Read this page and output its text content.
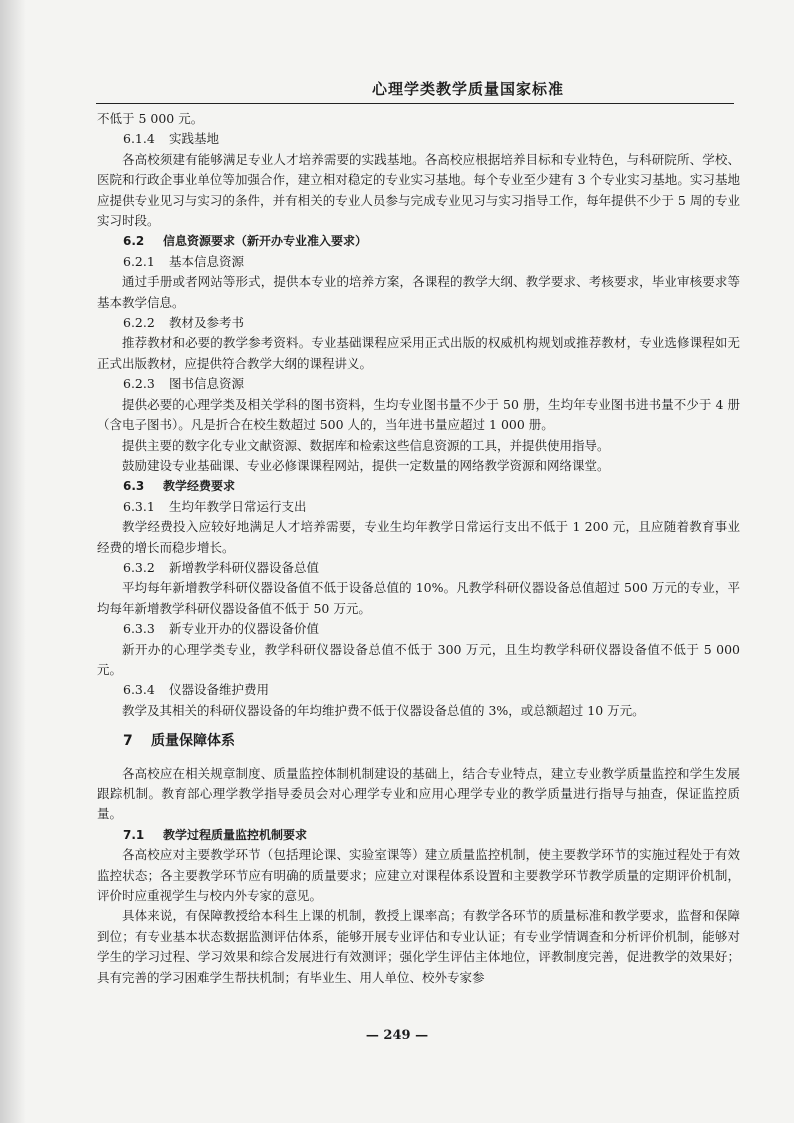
心理学类教学质量国家标准

不低于 5 000 元。

6.1.4 实践基地

各高校须建有能够满足专业人才培养需要的实践基地。各高校应根据培养目标和专业特色，与科研院所、学校、医院和行政企事业单位等加强合作，建立相对稳定的专业实习基地。每个专业至少建有 3 个专业实习基地。实习基地应提供专业见习与实习的条件，并有相关的专业人员参与完成专业见习与实习指导工作，每年提供不少于 5 周的专业实习时段。

6.2 信息资源要求（新开办专业准入要求）

6.2.1 基本信息资源

通过手册或者网站等形式，提供本专业的培养方案，各课程的教学大纲、教学要求、考核要求，毕业审核要求等基本教学信息。

6.2.2 教材及参考书

推荐教材和必要的教学参考资料。专业基础课程应采用正式出版的权威机构规划或推荐教材，专业选修课程如无正式出版教材，应提供符合教学大纲的课程讲义。

6.2.3 图书信息资源

提供必要的心理学类及相关学科的图书资料，生均专业图书量不少于 50 册，生均年专业图书进书量不少于 4 册（含电子图书）。凡是折合在校生数超过 500 人的，当年进书量应超过 1 000 册。

提供主要的数字化专业文献资源、数据库和检索这些信息资源的工具，并提供使用指导。

鼓励建设专业基础课、专业必修课课程网站，提供一定数量的网络教学资源和网络课堂。

6.3 教学经费要求

6.3.1 生均年教学日常运行支出

教学经费投入应较好地满足人才培养需要，专业生均年教学日常运行支出不低于 1 200 元，且应随着教育事业经费的增长而稳步增长。

6.3.2 新增教学科研仪器设备总值

平均每年新增教学科研仪器设备值不低于设备总值的 10%。凡教学科研仪器设备总值超过 500 万元的专业，平均每年新增教学科研仪器设备值不低于 50 万元。

6.3.3 新专业开办的仪器设备价值

新开办的心理学类专业，教学科研仪器设备总值不低于 300 万元，且生均教学科研仪器设备值不低于 5 000 元。

6.3.4 仪器设备维护费用

教学及其相关的科研仪器设备的年均维护费不低于仪器设备总值的 3%，或总额超过 10 万元。

7 质量保障体系

各高校应在相关规章制度、质量监控体制机制建设的基础上，结合专业特点，建立专业教学质量监控和学生发展跟踪机制。教育部心理学教学指导委员会对心理学专业和应用心理学专业的教学质量进行指导与抽查，保证监控质量。

7.1 教学过程质量监控机制要求

各高校应对主要教学环节（包括理论课、实验室课等）建立质量监控机制，使主要教学环节的实施过程处于有效监控状态；各主要教学环节应有明确的质量要求；应建立对课程体系设置和主要教学环节教学质量的定期评价机制，评价时应重视学生与校内外专家的意见。

具体来说，有保障教授给本科生上课的机制，教授上课率高；有教学各环节的质量标准和教学要求，监督和保障到位；有专业基本状态数据监测评估体系，能够开展专业评估和专业认证；有专业学情调查和分析评价机制，能够对学生的学习过程、学习效果和综合发展进行有效测评；强化学生评估主体地位，评教制度完善，促进教学的效果好；具有完善的学习困难学生帮扶机制；有毕业生、用人单位、校外专家参

— 249 —
